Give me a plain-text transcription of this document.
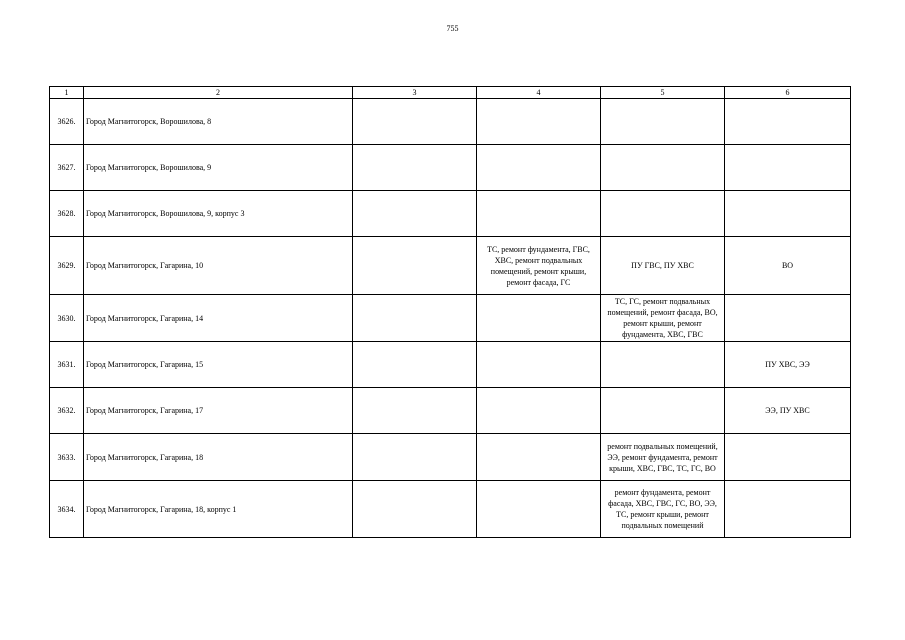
755
1	2	3	4	5	6
3626.	Город Магнитогорск, Ворошилова, 8				
3627.	Город Магнитогорск, Ворошилова, 9				
3628.	Город Магнитогорск, Ворошилова, 9, корпус 3				
3629.	Город Магнитогорск, Гагарина, 10		ТС, ремонт фундамента, ГВС, ХВС, ремонт подвальных помещений, ремонт крыши, ремонт фасада, ГС	ПУ ГВС, ПУ ХВС	ВО
3630.	Город Магнитогорск, Гагарина, 14			ТС, ГС, ремонт подвальных помещений, ремонт фасада, ВО, ремонт крыши, ремонт фундамента, ХВС, ГВС	
3631.	Город Магнитогорск, Гагарина, 15				ПУ ХВС, ЭЭ
3632.	Город Магнитогорск, Гагарина, 17				ЭЭ, ПУ ХВС
3633.	Город Магнитогорск, Гагарина, 18			ремонт подвальных помещений, ЭЭ, ремонт фундамента, ремонт крыши, ХВС, ГВС, ТС, ГС, ВО	
3634.	Город Магнитогорск, Гагарина, 18, корпус 1			ремонт фундамента, ремонт фасада, ХВС, ГВС, ГС, ВО, ЭЭ, ТС, ремонт крыши, ремонт подвальных помещений	
